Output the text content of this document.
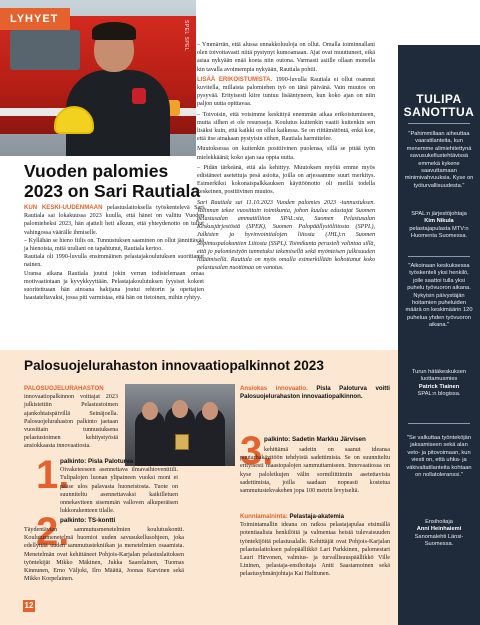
SPEL SPEL
LYHYET
Vuoden palomies 2023 on Sari Rautiala

KUN KESKI-UUDENMAAN pelastuslaitoksella työskentelevä Sari Rautiala sai lokakuussa 2023 kuulla, että hänet on valittu Vuoden palomieheksi 2023, hän ajatteli heti alkuun, että yhteydenotto on tullut vahingossa väärälle ihmiselle.

– Kyllähän se hieno fiilis on. Tunnustuksen saaminen on ollut jännittävää ja hienoista, mitä uraliani on tapahtunut, Rautiala kertoo.

Rautiala oli 1990-luvulla ensimmäinen pelastajakoulutuksen suorittanut nainen.

Uransa aikana Rautiala joutui jokin verran todistelemaan omaa motivaatiotaan ja kyvykkyyttään. Pelastajakoulutuksen fyysiset kokeet suoritettuaan hän ainoana hakijana joutui rehtorin ja opettajien haastateltavaksi, jossa piti varmistaa, että hän on tietoinen, mihin ryhtyy.

– Ymmärrän, että alussa ennakkoluuloja on ollut. Omalla toiminnallani olen toivottavasti niitä pystynyt kumoamaan. Ajat ovat muuttuneet, eikä asiaa nykyään enää koeta niin outona. Varmasti asiille ollaan monella kin tavalla avoimempia nykyään, Rautiala pohtii.

LISÄÄ ERIKOISTUMISTA. 1990-luvulla Rautiala ei ollut osannut kuvitella, millaista palomiehen työ on tänä päivänä. Vain muutos on pysyvää. Erityisesti kiire tuntuu lisääntyneen, kun koko ajan on niin paljon uutta opittavaa.

– Toivoisin, että voisimme keskittyä enemmän aikaa erikoistumiseen, mutta silhen ei ole resursseja. Koulutus kuitenkin vaatii kuitenkin sen lisäksi kuin, että kaikki on ollut kaikessa. Se on riittämätöntä, enkä koe, että itse ainakaan pystyisin siihen, Rautiala harmittelee.

Muutoksessa on kuitenkin positiivinen puolensa, sillä se pitää työn mielekkäänä; koko ajan saa oppia uutta.

– Pidän tärkeänä, että ala kehittyy. Muutoksen myötä emme myös edistäneet asetettuja pesä asioita, joilla on arjessamme suuri merkitys. Esimerkiksi kokonaispalkkauksen käyttöönotto oli meillä todella keskeinen, positiivinen muutos.

Sari Rautiala sai 11.10.2023 Vuoden palomies 2023 -tunnustuksen. Valinnan tekee vuosittain toimikunta, johon kuuluu edustajat Suomen pelastusalan ammattiliiton SPAL:sta, Suomen Pelastusalan Keskusjärjestöstä (SPEK), Suomen Palopäällystöliitosta (SPPL), Julkisten ja hyvinvointialojen liitosta (JHL):n Suomen Sopimuspalokuntien Liitosta (SSPL). Toimikunta perustelt valintaa sillä, että jo palomiestyön tunnetuksi tekemisellä sekä myönteisen julkisuuden lisäämisellä. Rautiala on myös omalla esimerkillään kohottanut koko pelastusalan nuottimaa on vanotus.

TULIPA SANOTTUA
"Pahimmillaan aiheuttaa vaaratilanteita, kun menemme alimiehitettynä savusukellustehtävissä emmekä kykene saavuttamaan minimivahvuuksia. Kyse on työturvallisuudesta."
SPAL:n järjestöjohtaja
Kim Nikula
pelastajapulasta MTV:n Huomenta Suomessa.
"Aikoinaan keskuksessa työskenteli yksi henkilö, jolle saattoi tulla yksi puhelu työvuoron aikana. Nykyisin päivystäjän hoitamien puheluiden määrä on keskimäärin 120 puhelua yhden työvuoron aikana."
Turun hätäkeskuksen luottamusmies
Patrick Tiainen
SPAL:n blogissa.
"Se valkuttaa työnteköjän jaksamiseen sekä alan veto- ja pitovoimaan, kun viesti on, että uhka- ja väkivaltatilanteita kohtaan on nollatoleranssi."
Ensihoitaja
Anni Heinhaiemi
Sanomalehti Länsi-Suomessa.
Palosuojelurahaston innovaatiopalkinnot 2023
PALOSUOJELURAHASTON innovaatiopalkinnon voittajat 2023 julkistettiin Pelastustoimen ajankohtaispäivillä Seinäjoella. Palosuojelurahaston palkinto jaetaan vuosittain tunnustuksena pelastustoimen kehitystyöstä ansiokkaasta innovaatiosta.
Ansiokas innovaatio. Pisla Paloturva voitti Palosuojelurahaston innovaatiopalkinnon.
1.
palkinto: Pisla Paloturva
Oivaketeeseen asennettava ilmavaihtoventtiili. Tulipalojen luonan ylipaineen vuoksi moni ei pääse ulos palavasta huoneistosta. Tuote on suunniteltu asennettavaksi kaikilletuen onnekaviteen sisemmän valloven alkuperäisen lukkorakenteen tilalle.
2.
palkinto: TS-kontti
Täydentävien sammutusmenetelmien koulutuskontti. Koulutusmenetelmä huomioi uuden savusukellusohjeen, joka edellyttää uuden sammutustekniikan ja menetelmien osaamista. Menetelmän ovat kehittäneet Pohjois-Karjalan pelastuslaitoksen työntekijät Mikko Mäkinen, Jukka Saarelainen, Tuomas Kinnunen, Erno Väljoki, Ilro Määttä, Joonas Karvinen sekä Mikko Korpelainen.
3.
palkinto: Sadetin Markku Järvisen
kehittämä sadetin on saanut ideansa puutarhakäyttöön tehdyistä sadettimista. Se on suunniteltu erityisesti maastopalojen sammuttamiseen. Innovaatiossa on kyse paloletkujen välin sormiliittimiin asetettavista sadettimista, joilla saadaan nopeasti kostetua sammutustekvakehen jopa 100 metrin levyiseltä.
Kunniamaininta: Pelastaja-akatemia
Toimintamallin ideana on ratkoa pelastajapulaa etsimällä potentiaalisia henkilöitä ja valmentaa heistä tulevaisuuden työntekijöitä pelastusalalle. Kehittäjät ovat Pohjois-Karjalan pelastuslaitoksen palopäällikkö Lari Parkkinen, palomestari Lauri Hirvonen, valmius- ja turvallisuuspäällikkö Ville Lininen, pelastaja-ensihoitaja Antti Saastamoinen sekä pelastusyhmänjohtaja Kai Halttunen.
12
